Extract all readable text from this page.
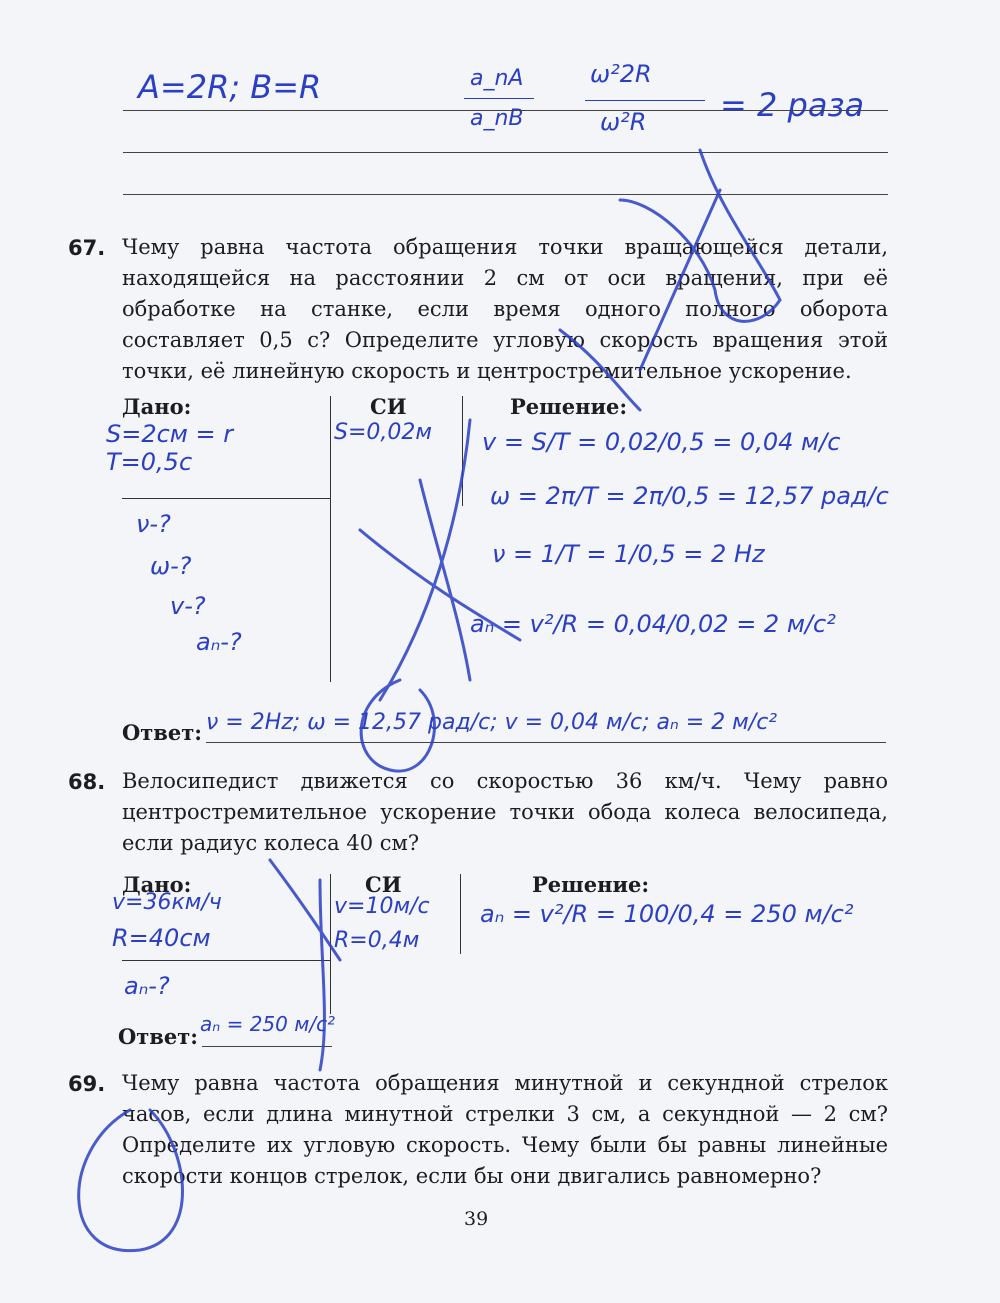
A=2R; B=R	a_nA
a_nB
ω²2R
ω²R = 2 раза
67. Чему равна частота обращения точки вращающейся детали, находящейся на расстоянии 2 см от оси вращения, при её обработке на станке, если время одного полного оборота составляет 0,5 с? Определите угловую скорость вращения этой точки, её линейную скорость и центростремительное ускорение.
Дано:	СИ	Решение:
S=2см = r
T=0,5с
ν-?
ω-?
v-?
aₙ-?
S=0,02м v = S/T = 0,02/0,5 = 0,04 м/с
ω = 2π/T = 2π/0,5 = 12,57 рад/с
ν = 1/T = 1/0,5 = 2 Hz
aₙ = v²/R = 0,04/0,02 = 2 м/с²
Ответ: ν = 2Hz; ω = 12,57 рад/с; v = 0,04 м/с; aₙ = 2 м/с²
68. Велосипедист движется со скоростью 36 км/ч. Чему равно центростремительное ускорение точки обода колеса велосипеда, если радиус колеса 40 см?
Дано:	СИ	Решение:
v=36км/ч
R=40см
aₙ-?
v=10м/с
R=0,4м
aₙ = v²/R = 100/0,4 = 250 м/с²
Ответ: aₙ = 250 м/с²
69. Чему равна частота обращения минутной и секундной стрелок часов, если длина минутной стрелки 3 см, а секундной — 2 см? Определите их угловую скорость. Чему были бы равны линейные скорости концов стрелок, если бы они двигались равномерно?
39
